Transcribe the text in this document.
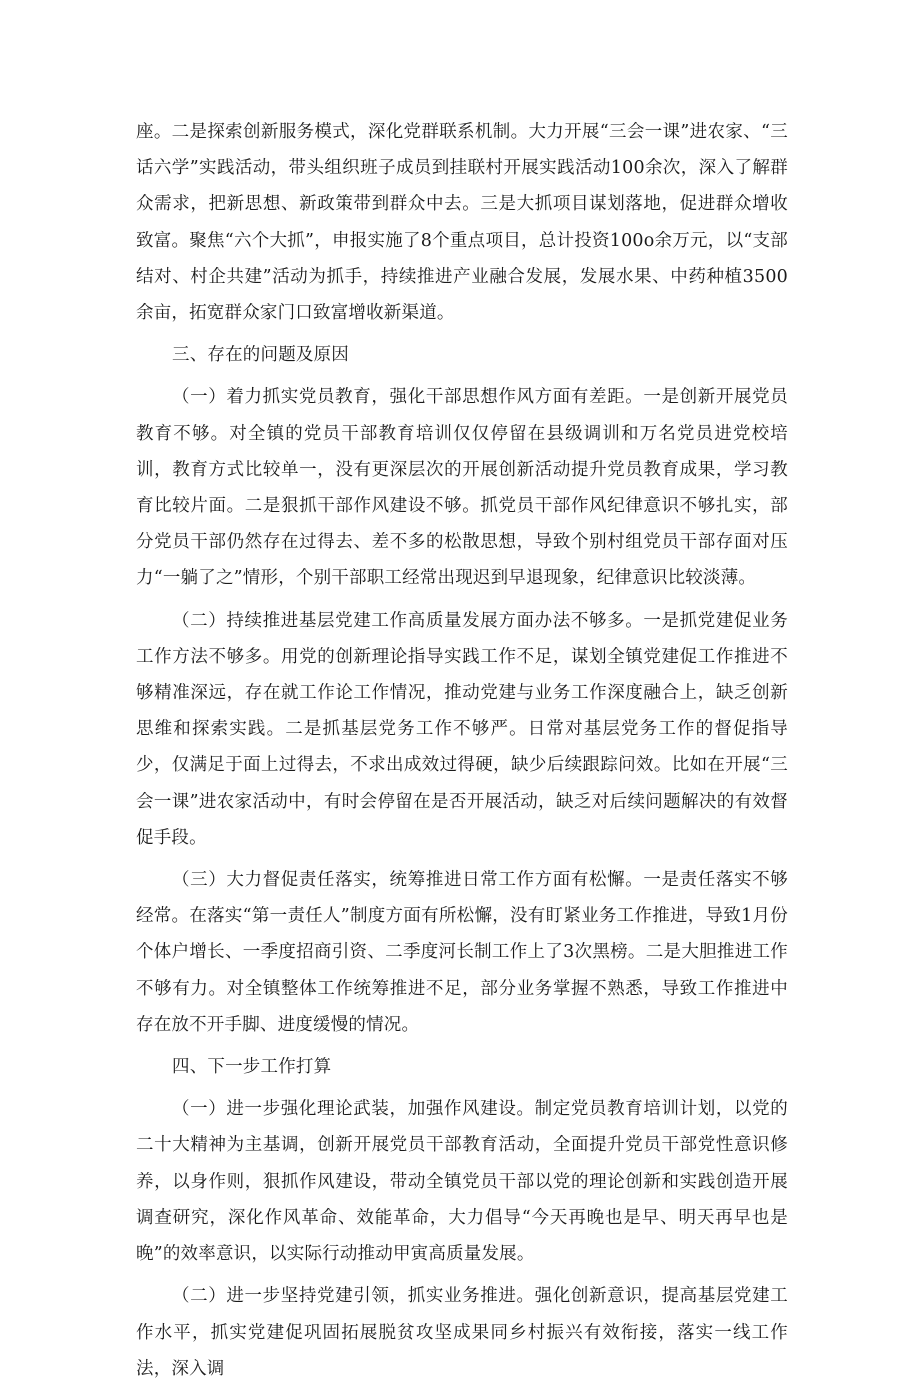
座。二是探索创新服务模式，深化党群联系机制。大力开展“三会一课”进农家、“三话六学”实践活动，带头组织班子成员到挂联村开展实践活动100余次，深入了解群众需求，把新思想、新政策带到群众中去。三是大抓项目谋划落地，促进群众增收致富。聚焦“六个大抓”，申报实施了8个重点项目，总计投资100o余万元，以“支部结对、村企共建”活动为抓手，持续推进产业融合发展，发展水果、中药种植3500余亩，拓宽群众家门口致富增收新渠道。

三、存在的问题及原因

（一）着力抓实党员教育，强化干部思想作风方面有差距。一是创新开展党员教育不够。对全镇的党员干部教育培训仅仅停留在县级调训和万名党员进党校培训，教育方式比较单一，没有更深层次的开展创新活动提升党员教育成果，学习教育比较片面。二是狠抓干部作风建设不够。抓党员干部作风纪律意识不够扎实，部分党员干部仍然存在过得去、差不多的松散思想，导致个别村组党员干部存面对压力“一躺了之”情形，个别干部职工经常出现迟到早退现象，纪律意识比较淡薄。

（二）持续推进基层党建工作高质量发展方面办法不够多。一是抓党建促业务工作方法不够多。用党的创新理论指导实践工作不足，谋划全镇党建促工作推进不够精准深远，存在就工作论工作情况，推动党建与业务工作深度融合上，缺乏创新思维和探索实践。二是抓基层党务工作不够严。日常对基层党务工作的督促指导少，仅满足于面上过得去，不求出成效过得硬，缺少后续跟踪问效。比如在开展“三会一课”进农家活动中，有时会停留在是否开展活动，缺乏对后续问题解决的有效督促手段。

（三）大力督促责任落实，统筹推进日常工作方面有松懈。一是责任落实不够经常。在落实“第一责任人”制度方面有所松懈，没有盯紧业务工作推进，导致1月份个体户增长、一季度招商引资、二季度河长制工作上了3次黑榜。二是大胆推进工作不够有力。对全镇整体工作统筹推进不足，部分业务掌握不熟悉，导致工作推进中存在放不开手脚、进度缓慢的情况。

四、下一步工作打算

（一）进一步强化理论武装，加强作风建设。制定党员教育培训计划，以党的二十大精神为主基调，创新开展党员干部教育活动，全面提升党员干部党性意识修养，以身作则，狠抓作风建设，带动全镇党员干部以党的理论创新和实践创造开展调查研究，深化作风革命、效能革命，大力倡导“今天再晚也是早、明天再早也是晚”的效率意识，以实际行动推动甲寅高质量发展。

（二）进一步坚持党建引领，抓实业务推进。强化创新意识，提高基层党建工作水平，抓实党建促巩固拓展脱贫攻坚成果同乡村振兴有效衔接，落实一线工作法，深入调
